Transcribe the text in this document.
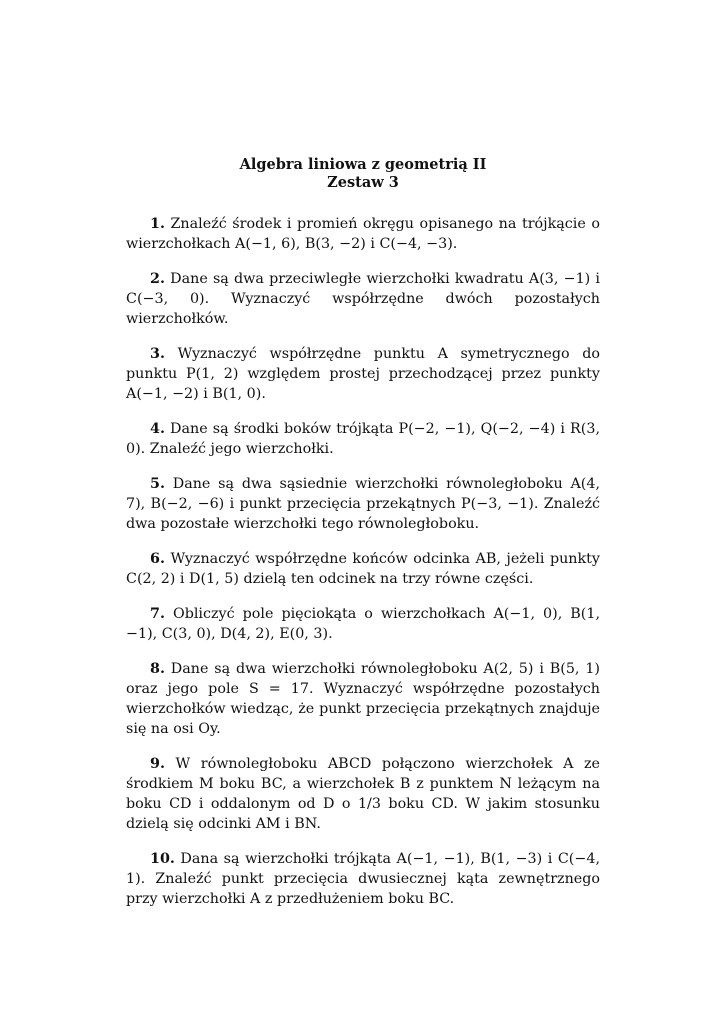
Algebra liniowa z geometrią II
Zestaw 3

1. Znaleźć środek i promień okręgu opisanego na trójkącie o wierzchołkach A(−1, 6), B(3, −2) i C(−4, −3).

2. Dane są dwa przeciwległe wierzchołki kwadratu A(3, −1) i C(−3, 0). Wyznaczyć współrzędne dwóch pozostałych wierzchołków.

3. Wyznaczyć współrzędne punktu A symetrycznego do punktu P(1, 2) względem prostej przechodzącej przez punkty A(−1, −2) i B(1, 0).

4. Dane są środki boków trójkąta P(−2, −1), Q(−2, −4) i R(3, 0). Znaleźć jego wierzchołki.

5. Dane są dwa sąsiednie wierzchołki równoległoboku A(4, 7), B(−2, −6) i punkt przecięcia przekątnych P(−3, −1). Znaleźć dwa pozostałe wierzchołki tego równoległoboku.

6. Wyznaczyć współrzędne końców odcinka AB, jeżeli punkty C(2, 2) i D(1, 5) dzielą ten odcinek na trzy równe części.

7. Obliczyć pole pięciokąta o wierzchołkach A(−1, 0), B(1, −1), C(3, 0), D(4, 2), E(0, 3).

8. Dane są dwa wierzchołki równoległoboku A(2, 5) i B(5, 1) oraz jego pole S = 17. Wyznaczyć współrzędne pozostałych wierzchołków wiedząc, że punkt przecięcia przekątnych znajduje się na osi Oy.

9. W równoległoboku ABCD połączono wierzchołek A ze środkiem M boku BC, a wierzchołek B z punktem N leżącym na boku CD i oddalonym od D o 1/3 boku CD. W jakim stosunku dzielą się odcinki AM i BN.

10. Dana są wierzchołki trójkąta A(−1, −1), B(1, −3) i C(−4, 1). Znaleźć punkt przecięcia dwusiecznej kąta zewnętrznego przy wierzchołki A z przedłużeniem boku BC.
